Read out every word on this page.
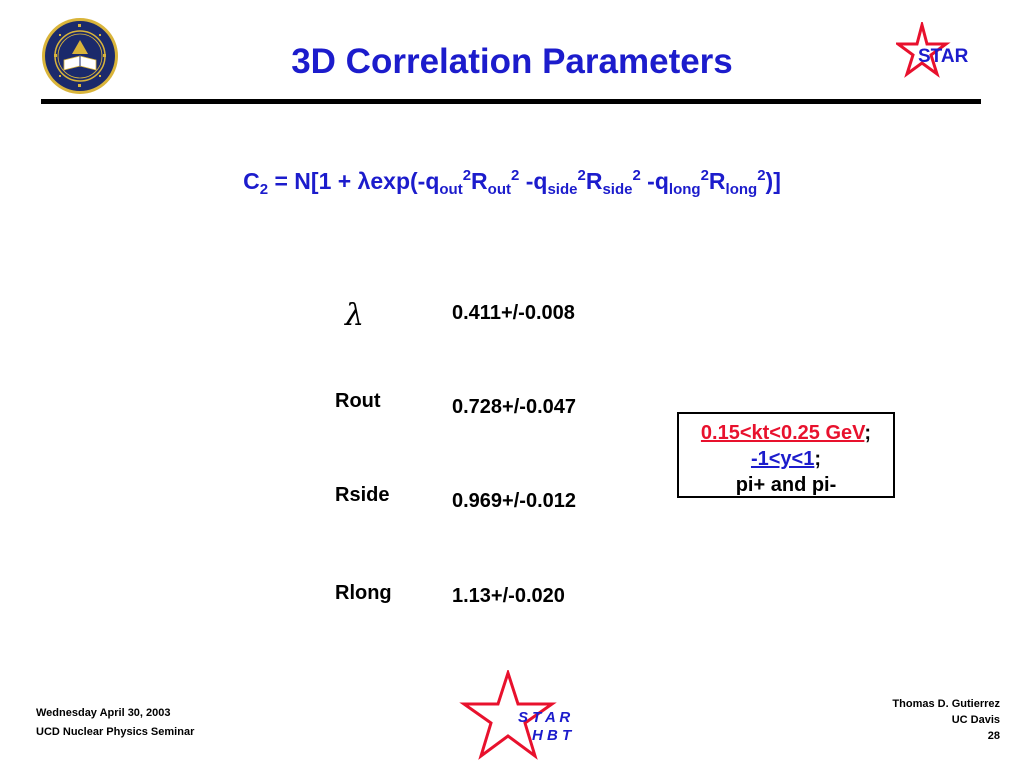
3D Correlation Parameters	STAR
$C_2 = N[1 + \lambda\exp(-q_{out}^2R_{out}^2$ $-q_{side}^2R_{side}^2$ $-q_{long}^2R_{long}^2$)]
λ	0.411+/-0.008
Rout	0.728+/-0.047
Rside	0.969+/-0.012
Rlong	1.13+/-0.020
0.15<kt<0.25 GeV;
-1<y<1;
pi+ and pi-
Wednesday April 30, 2003
UCD Nuclear Physics Seminar
S T A R
H B T
Thomas D. Gutierrez
UC Davis
28
